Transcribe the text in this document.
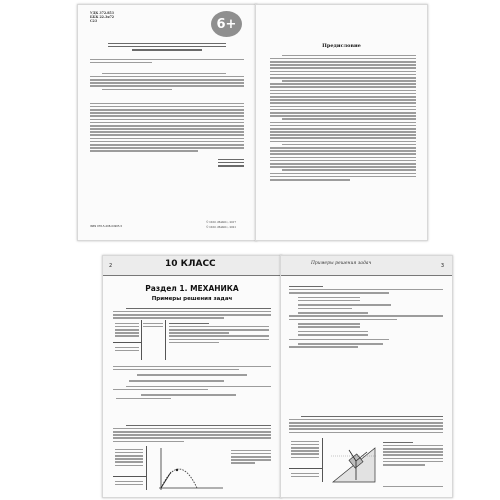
УДК 372.853
ББК 22.3я72
С23	6+
ISBN 978-5-408-04905-5
© ООО «ВАКО», 2017
© ООО «ВАКО», 2021
Предисловие
2	10 КЛАСС
Раздел 1. МЕХАНИКА
Примеры решения задач
Примеры решения задач	3
